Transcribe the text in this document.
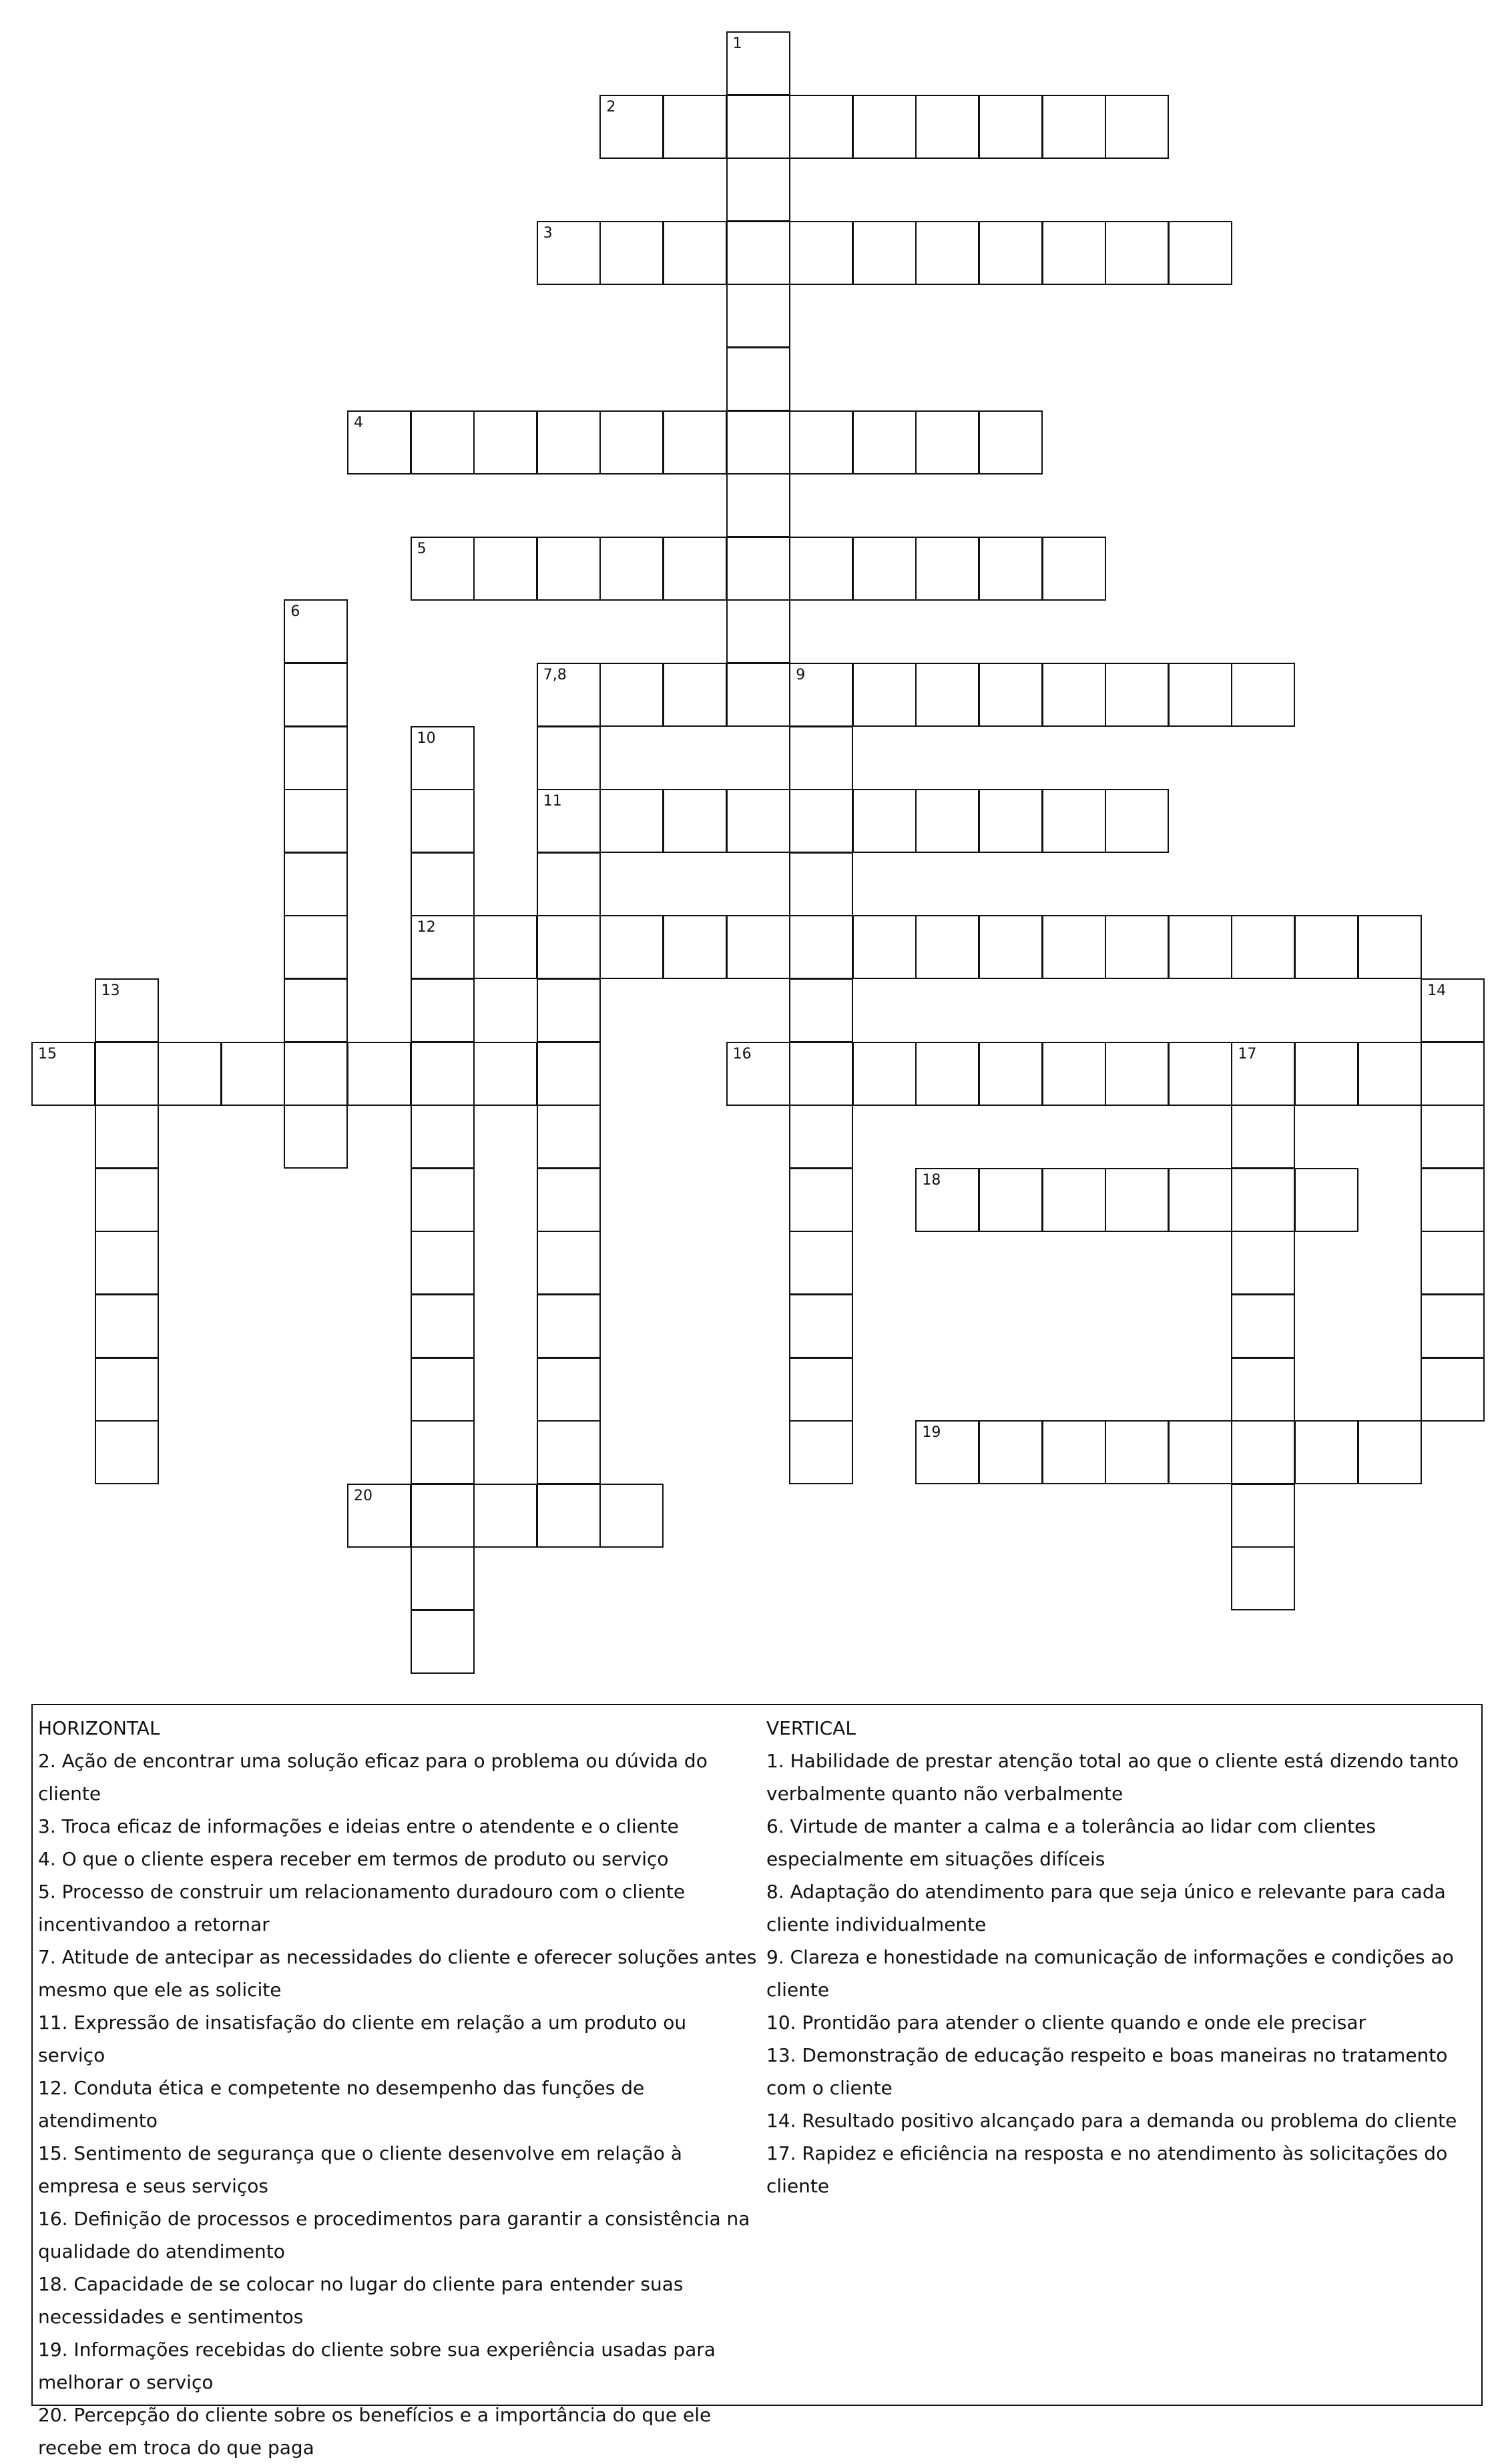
1
2
3
4
5
6
7,8	9
11
10
12
13	14
15	16	17
18
19
20
HORIZONTAL
2. Ação de encontrar uma solução eficaz para o problema ou dúvida do cliente
3. Troca eficaz de informações e ideias entre o atendente e o cliente
4. O que o cliente espera receber em termos de produto ou serviço
5. Processo de construir um relacionamento duradouro com o cliente incentivandoo a retornar
7. Atitude de antecipar as necessidades do cliente e oferecer soluções antes mesmo que ele as solicite
11. Expressão de insatisfação do cliente em relação a um produto ou serviço
12. Conduta ética e competente no desempenho das funções de atendimento
15. Sentimento de segurança que o cliente desenvolve em relação à empresa e seus serviços
16. Definição de processos e procedimentos para garantir a consistência na qualidade do atendimento
18. Capacidade de se colocar no lugar do cliente para entender suas necessidades e sentimentos
19. Informações recebidas do cliente sobre sua experiência usadas para melhorar o serviço
20. Percepção do cliente sobre os benefícios e a importância do que ele recebe em troca do que paga
VERTICAL
1. Habilidade de prestar atenção total ao que o cliente está dizendo tanto verbalmente quanto não verbalmente
6. Virtude de manter a calma e a tolerância ao lidar com clientes especialmente em situações difíceis
8. Adaptação do atendimento para que seja único e relevante para cada cliente individualmente
9. Clareza e honestidade na comunicação de informações e condições ao cliente
10. Prontidão para atender o cliente quando e onde ele precisar
13. Demonstração de educação respeito e boas maneiras no tratamento com o cliente
14. Resultado positivo alcançado para a demanda ou problema do cliente
17. Rapidez e eficiência na resposta e no atendimento às solicitações do cliente
